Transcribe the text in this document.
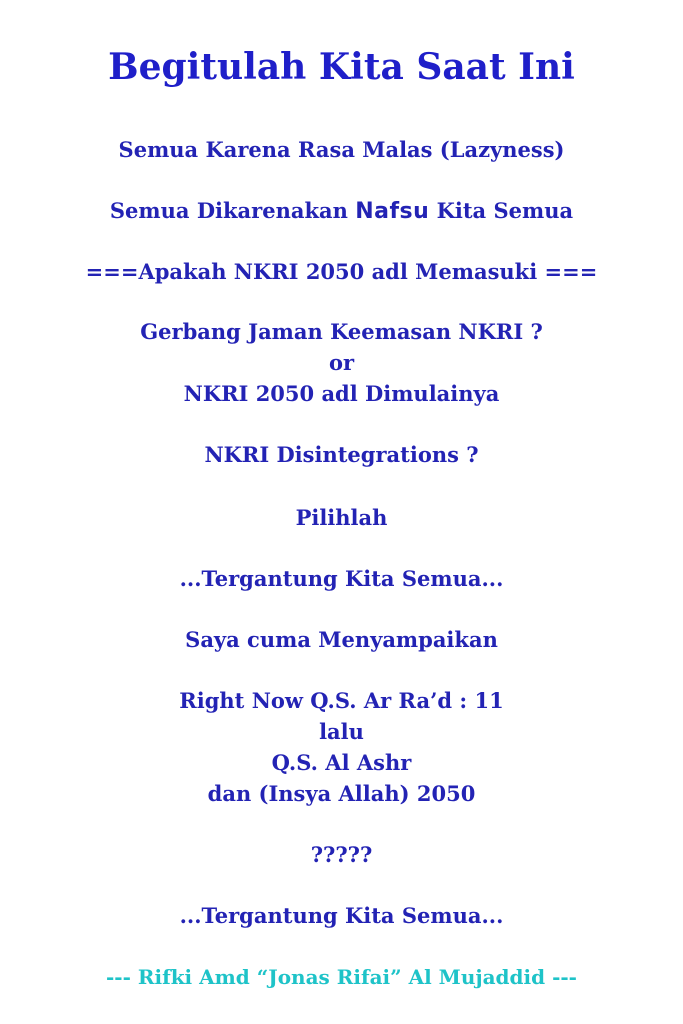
Begitulah Kita Saat Ini
Semua Karena Rasa Malas (Lazyness)
Semua Dikarenakan Nafsu Kita Semua
===Apakah NKRI 2050 adl Memasuki ===
Gerbang Jaman Keemasan NKRI ?
or
NKRI 2050 adl Dimulainya
NKRI Disintegrations ?
Pilihlah
...Tergantung Kita Semua...
Saya cuma Menyampaikan
Right Now Q.S. Ar Ra’d : 11
lalu
Q.S. Al Ashr
dan (Insya Allah) 2050
?????
...Tergantung Kita Semua...
--- Rifki Amd “Jonas Rifai” Al Mujaddid ---
